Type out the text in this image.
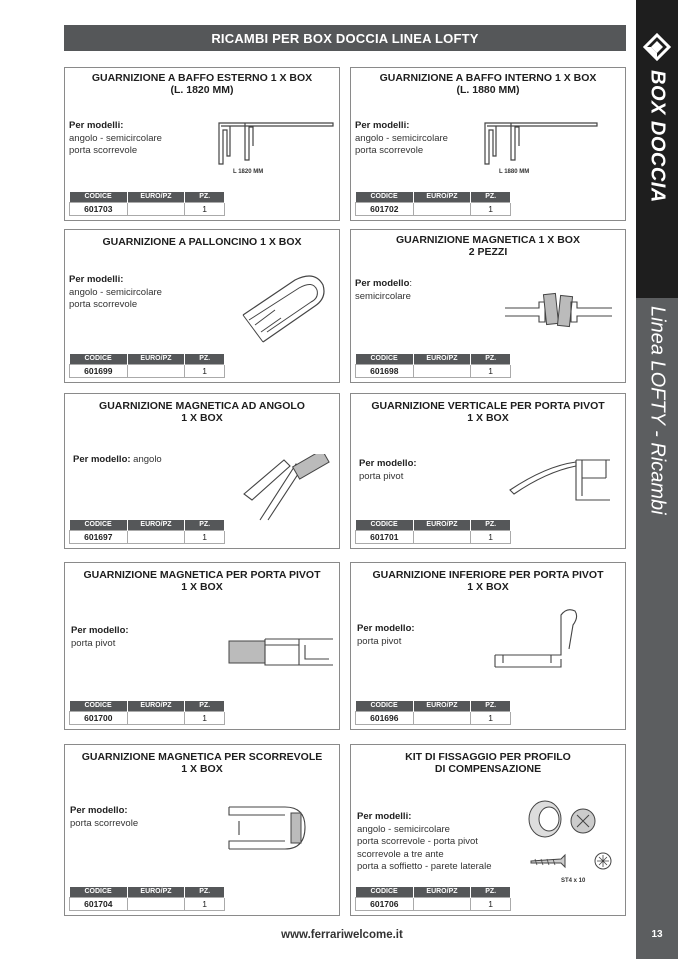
RICAMBI PER BOX DOCCIA LINEA LOFTY
BOX DOCCIA
Linea LOFTY - Ricambi
13
GUARNIZIONE A BAFFO ESTERNO 1 X BOX
(L. 1820 MM)
Per modelli:
angolo - semicircolare
porta scorrevole
L 1820 MM
CODICE	EURO/PZ	PZ.
601703		1
GUARNIZIONE A BAFFO INTERNO 1 X BOX
(L. 1880 MM)
Per modelli:
angolo - semicircolare
porta scorrevole
L 1880 MM
CODICE	EURO/PZ	PZ.
601702		1
GUARNIZIONE A PALLONCINO 1 X BOX
Per modelli:
angolo - semicircolare
porta scorrevole
CODICE	EURO/PZ	PZ.
601699		1
GUARNIZIONE MAGNETICA 1 X BOX
2 PEZZI
Per modello:
semicircolare
CODICE	EURO/PZ	PZ.
601698		1
GUARNIZIONE MAGNETICA AD ANGOLO
1 X BOX
Per modello: angolo
CODICE	EURO/PZ	PZ.
601697		1
GUARNIZIONE VERTICALE PER PORTA PIVOT
1 X BOX
Per modello:
porta pivot
CODICE	EURO/PZ	PZ.
601701		1
GUARNIZIONE MAGNETICA PER PORTA PIVOT
1 X BOX
Per modello:
porta pivot
CODICE	EURO/PZ	PZ.
601700		1
GUARNIZIONE INFERIORE PER PORTA PIVOT
1 X BOX
Per modello:
porta pivot
CODICE	EURO/PZ	PZ.
601696		1
GUARNIZIONE MAGNETICA PER SCORREVOLE
1 X BOX
Per modello:
porta scorrevole
CODICE	EURO/PZ	PZ.
601704		1
KIT DI FISSAGGIO PER PROFILO
DI COMPENSAZIONE
Per modelli:
angolo - semicircolare
porta scorrevole - porta pivot
scorrevole a tre ante
porta a soffietto - parete laterale
ST4 x 10
CODICE	EURO/PZ	PZ.
601706		1
www.ferrariwelcome.it
